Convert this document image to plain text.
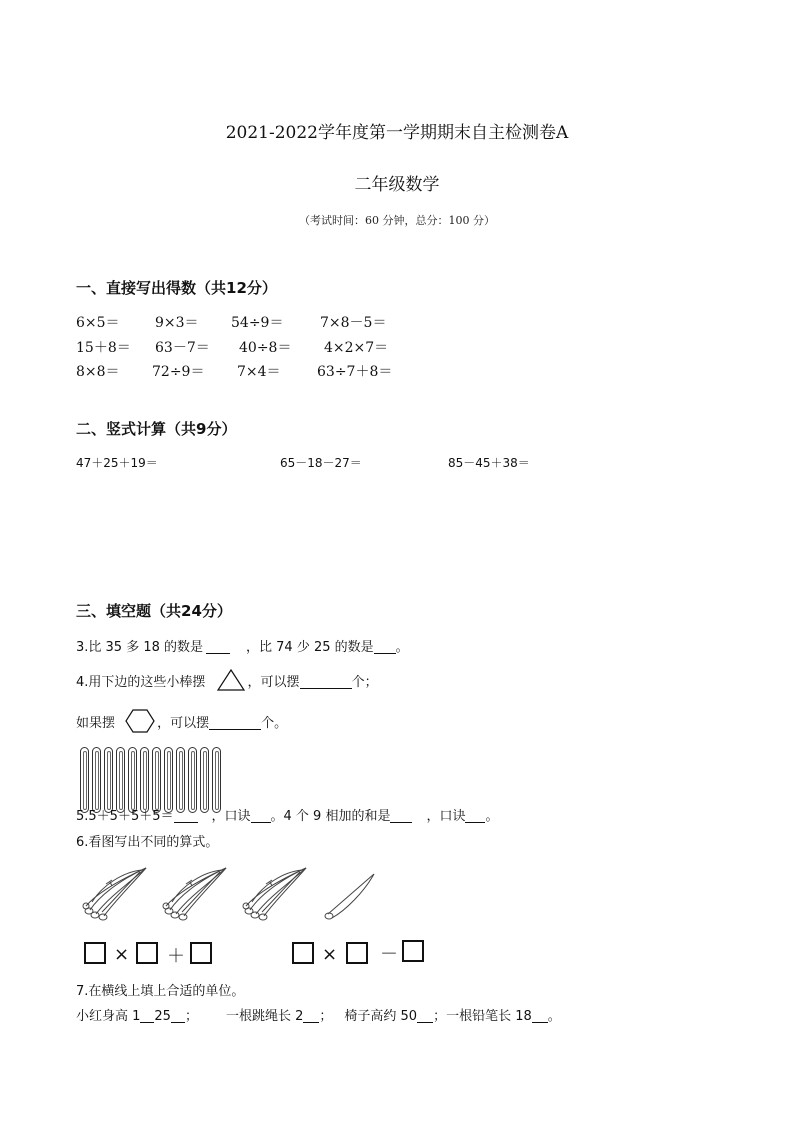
2021-2022学年度第一学期期末自主检测卷A
二年级数学
（考试时间：60 分钟，总分：100 分）
一、直接写出得数（共12分）
6×5＝	9×3＝ 54÷9＝	7×8－5＝
15＋8＝ 63－7＝ 40÷8＝ 4×2×7＝
8×8＝ 72÷9＝ 7×4＝	63÷7＋8＝
二、竖式计算（共9分）
47＋25＋19＝	65－18－27＝	85－45＋38＝
三、填空题（共24分）
3.比 35 多 18 的数是	，比 74 少 25 的数是 。
4.用下边的这些小棒摆	，可以摆	个；
如果摆	，可以摆	个。
5.5＋5＋5＋5＝	，口诀 。4 个 9 相加的和是	，口诀 。
6.看图写出不同的算式。
× ＋	× －
7.在横线上填上合适的单位。
小红身高 1 25 ； 一根跳绳长 2 ； 椅子高约 50 ；一根铅笔长 18 。
